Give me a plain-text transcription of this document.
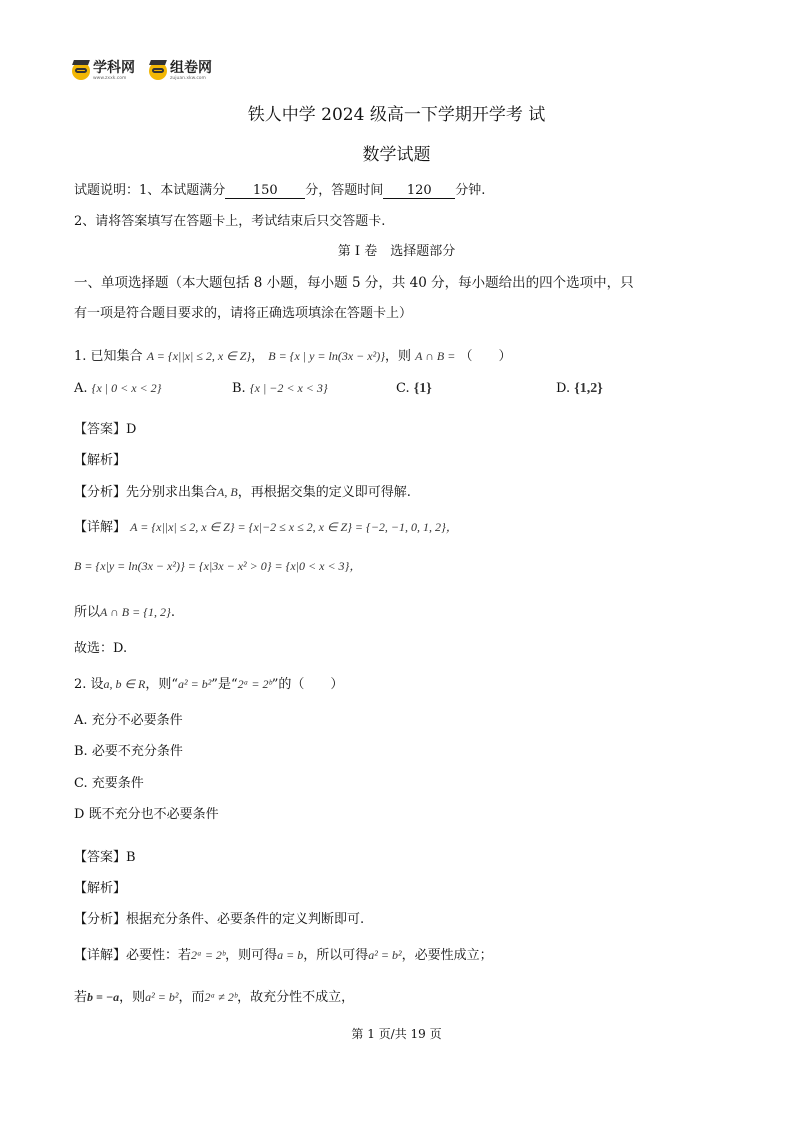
学科网
www.zxxk.com
组卷网
zujuan.xkw.com
铁人中学 2024 级高一下学期开学考 试
数学试题
试题说明：1、本试题满分 150 分，答题时间 120 分钟.
2、请将答案填写在答题卡上，考试结束后只交答题卡.
第 I 卷　选择题部分
一、单项选择题（本大题包括 8 小题，每小题 5 分，共 40 分，每小题给出的四个选项中，只
有一项是符合题目要求的，请将正确选项填涂在答题卡上）
1. 已知集合 A = {x||x| ≤ 2, x ∈ Z}， B = {x | y = ln(3x − x²)}，则 A ∩ B = （　　）
A. {x | 0 < x < 2}	B. {x | −2 < x < 3}	C. {1}	D. {1,2}
【答案】D
【解析】
【分析】先分别求出集合A, B，再根据交集的定义即可得解.
【详解】 A = {x||x| ≤ 2, x ∈ Z} = {x|−2 ≤ x ≤ 2, x ∈ Z} = {−2, −1, 0, 1, 2}，
B = {x|y = ln(3x − x²)} = {x|3x − x² > 0} = {x|0 < x < 3}，
所以A ∩ B = {1, 2}.
故选：D.
2. 设a, b ∈ R，则“a² = b²”是“2ᵃ = 2ᵇ”的（　　）
A. 充分不必要条件
B. 必要不充分条件
C. 充要条件
D 既不充分也不必要条件
【答案】B
【解析】
【分析】根据充分条件、必要条件的定义判断即可.
【详解】必要性：若2ᵃ = 2ᵇ，则可得a = b，所以可得a² = b²，必要性成立；
若b = −a，则a² = b²，而2ᵃ ≠ 2ᵇ，故充分性不成立，
第 1 页/共 19 页
